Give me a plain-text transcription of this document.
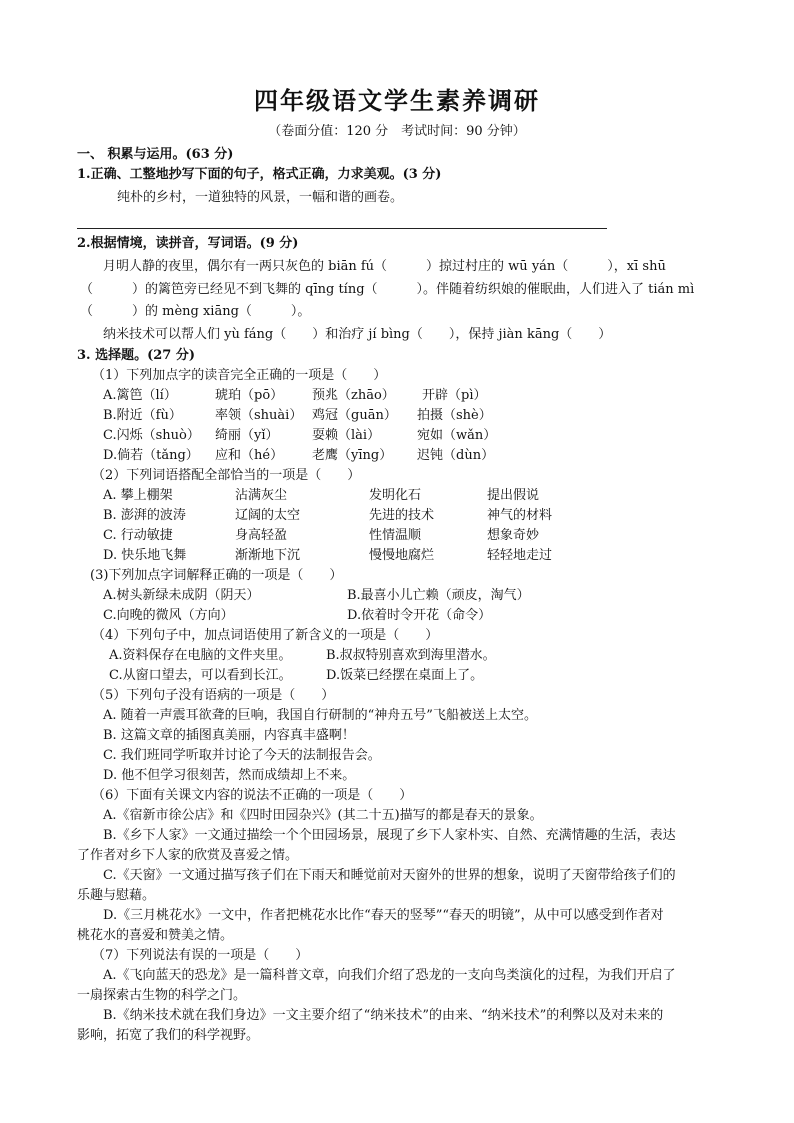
四年级语文学生素养调研
（卷面分值：120 分　考试时间：90 分钟）
一、 积累与运用。(63 分)
1.正确、工整地抄写下面的句子，格式正确，力求美观。(3 分)
纯朴的乡村，一道独特的风景，一幅和谐的画卷。
2.根据情境，读拼音，写词语。(9 分)
月明人静的夜里，偶尔有一两只灰色的 biān fú（　　　）掠过村庄的 wū yán（　　　），xī shū
（　　　）的篱笆旁已经见不到飞舞的 qīng tíng（　　　）。伴随着纺织娘的催眠曲，人们进入了 tián mì
（　　　）的 mèng xiāng（　　　）。
纳米技术可以帮人们 yù fáng（　　）和治疗 jí bìng（　　），保持 jiàn kāng（　　）
3. 选择题。(27 分)
（1）下列加点字的读音完全正确的一项是（　　）
A.篱笆（lí）	琥珀（pō） 预兆（zhāo） 开辟（pì）
B.附近（fù）	率领（shuài） 鸡冠（guān） 拍摄（shè）
C.闪烁（shuò） 绮丽（yǐ）	耍赖（lài）	宛如（wǎn）
D.倘若（tǎng） 应和（hé） 老鹰（yīng） 迟钝（dùn）
（2）下列词语搭配全部恰当的一项是（　　）
A. 攀上棚架	沾满灰尘	发明化石	提出假说
B. 澎湃的波涛	辽阔的太空	先进的技术	神气的材料
C. 行动敏捷	身高轻盈	性情温顺	想象奇妙
D. 快乐地飞舞	渐渐地下沉	慢慢地腐烂	轻轻地走过
(3)下列加点字词解释正确的一项是（　　）
A.树头新绿未成阴（阴天）	B.最喜小儿亡赖（顽皮，淘气）
C.向晚的微风（方向）	D.依着时令开花（命令）
（4）下列句子中，加点词语使用了新含义的一项是（　　）
A.资料保存在电脑的文件夹里。	B.叔叔特别喜欢到海里潜水。
C.从窗口望去，可以看到长江。	D.饭菜已经摆在桌面上了。
（5）下列句子没有语病的一项是（　　）
A. 随着一声震耳欲聋的巨响，我国自行研制的“神舟五号”飞船被送上太空。
B. 这篇文章的插图真美丽，内容真丰盛啊！
C. 我们班同学听取并讨论了今天的法制报告会。
D. 他不但学习很刻苦，然而成绩却上不来。
（6）下面有关课文内容的说法不正确的一项是（　　）
A.《宿新市徐公店》和《四时田园杂兴》(其二十五)描写的都是春天的景象。
B.《乡下人家》一文通过描绘一个个田园场景，展现了乡下人家朴实、自然、充满情趣的生活，表达
了作者对乡下人家的欣赏及喜爱之情。
C.《天窗》一文通过描写孩子们在下雨天和睡觉前对天窗外的世界的想象，说明了天窗带给孩子们的
乐趣与慰藉。
D.《三月桃花水》一文中，作者把桃花水比作“春天的竖琴”“春天的明镜”，从中可以感受到作者对
桃花水的喜爱和赞美之情。
（7）下列说法有误的一项是（　　）
A.《飞向蓝天的恐龙》是一篇科普文章，向我们介绍了恐龙的一支向鸟类演化的过程，为我们开启了
一扇探索古生物的科学之门。
B.《纳米技术就在我们身边》一文主要介绍了“纳米技术”的由来、“纳米技术”的利弊以及对未来的
影响，拓宽了我们的科学视野。
